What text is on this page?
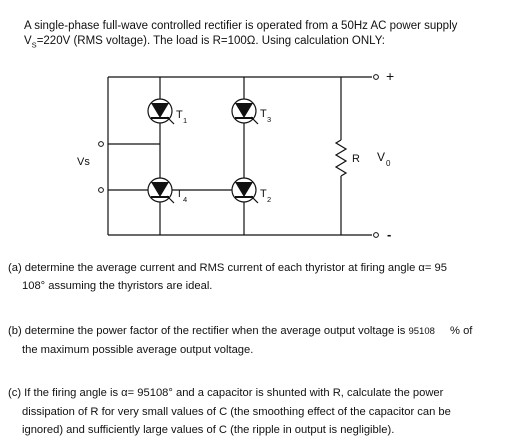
A single-phase full-wave controlled rectifier is operated from a 50Hz AC power supply
$V_S=220V$ (RMS voltage). The load is R=100Ω. Using calculation ONLY:
+
-
Vs	R V 0
T 1
T 3
T 4	T 2
(a) determine the average current and RMS current of each thyristor at firing angle α= 95
108° assuming the thyristors are ideal.
(b) determine the power factor of the rectifier when the average output voltage is 95108 % of
the maximum possible average output voltage.
(c) If the firing angle is α= 95108° and a capacitor is shunted with R, calculate the power
dissipation of R for very small values of C (the smoothing effect of the capacitor can be
ignored) and sufficiently large values of C (the ripple in output is negligible).
